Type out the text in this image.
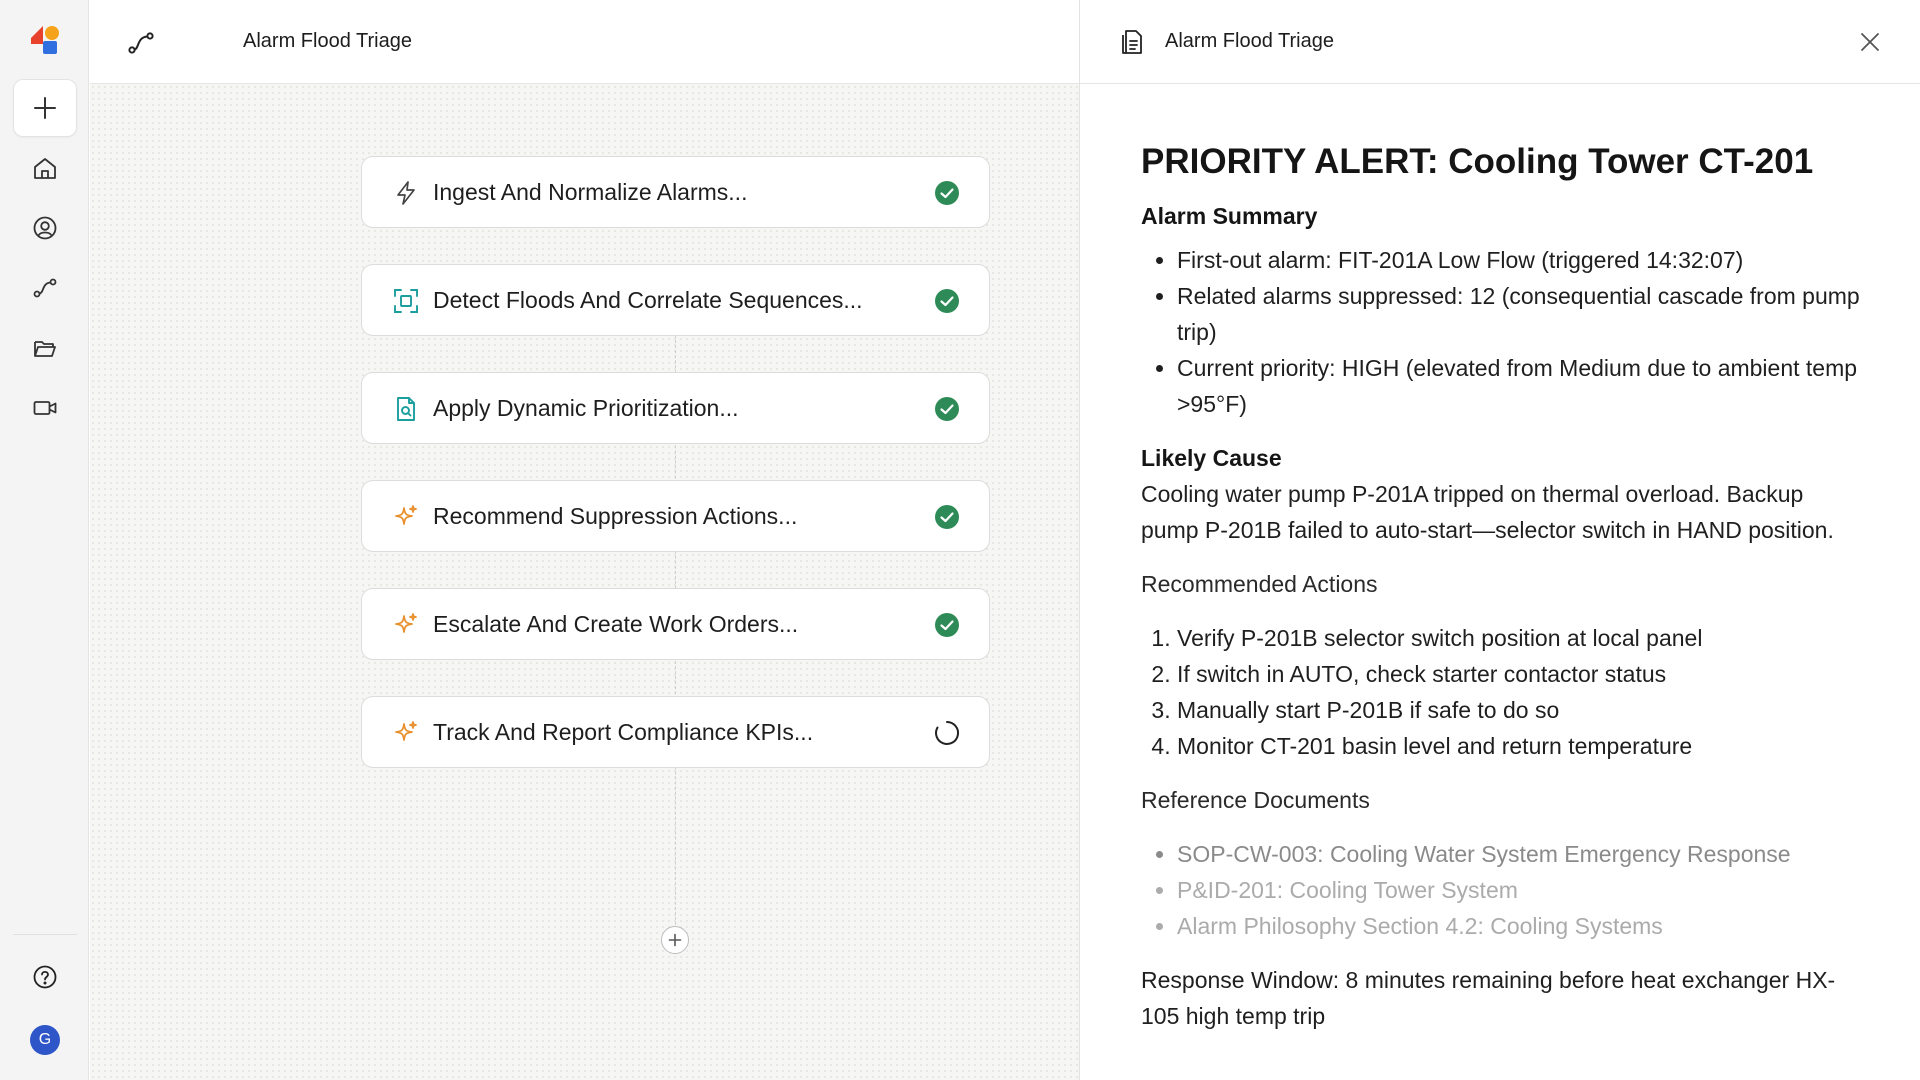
G
Alarm Flood Triage
Ingest And Normalize Alarms...
Detect Floods And Correlate Sequences...
Apply Dynamic Prioritization...
Recommend Suppression Actions...
Escalate And Create Work Orders...
Track And Report Compliance KPIs...
Alarm Flood Triage
PRIORITY ALERT: Cooling Tower CT-201
Alarm Summary
• First-out alarm: FIT-201A Low Flow (triggered 14:32:07)
• Related alarms suppressed: 12 (consequential cascade from pump trip)
• Current priority: HIGH (elevated from Medium due to ambient temp >95°F)
Likely Cause

Cooling water pump P-201A tripped on thermal overload. Backup pump P-201B failed to auto-start—selector switch in HAND position.

Recommended Actions
1. Verify P-201B selector switch position at local panel
2. If switch in AUTO, check starter contactor status
3. Manually start P-201B if safe to do so
4. Monitor CT-201 basin level and return temperature
Reference Documents
• SOP-CW-003: Cooling Water System Emergency Response
• P&ID-201: Cooling Tower System
• Alarm Philosophy Section 4.2: Cooling Systems

Response Window: 8 minutes remaining before heat exchanger HX-105 high temp trip
